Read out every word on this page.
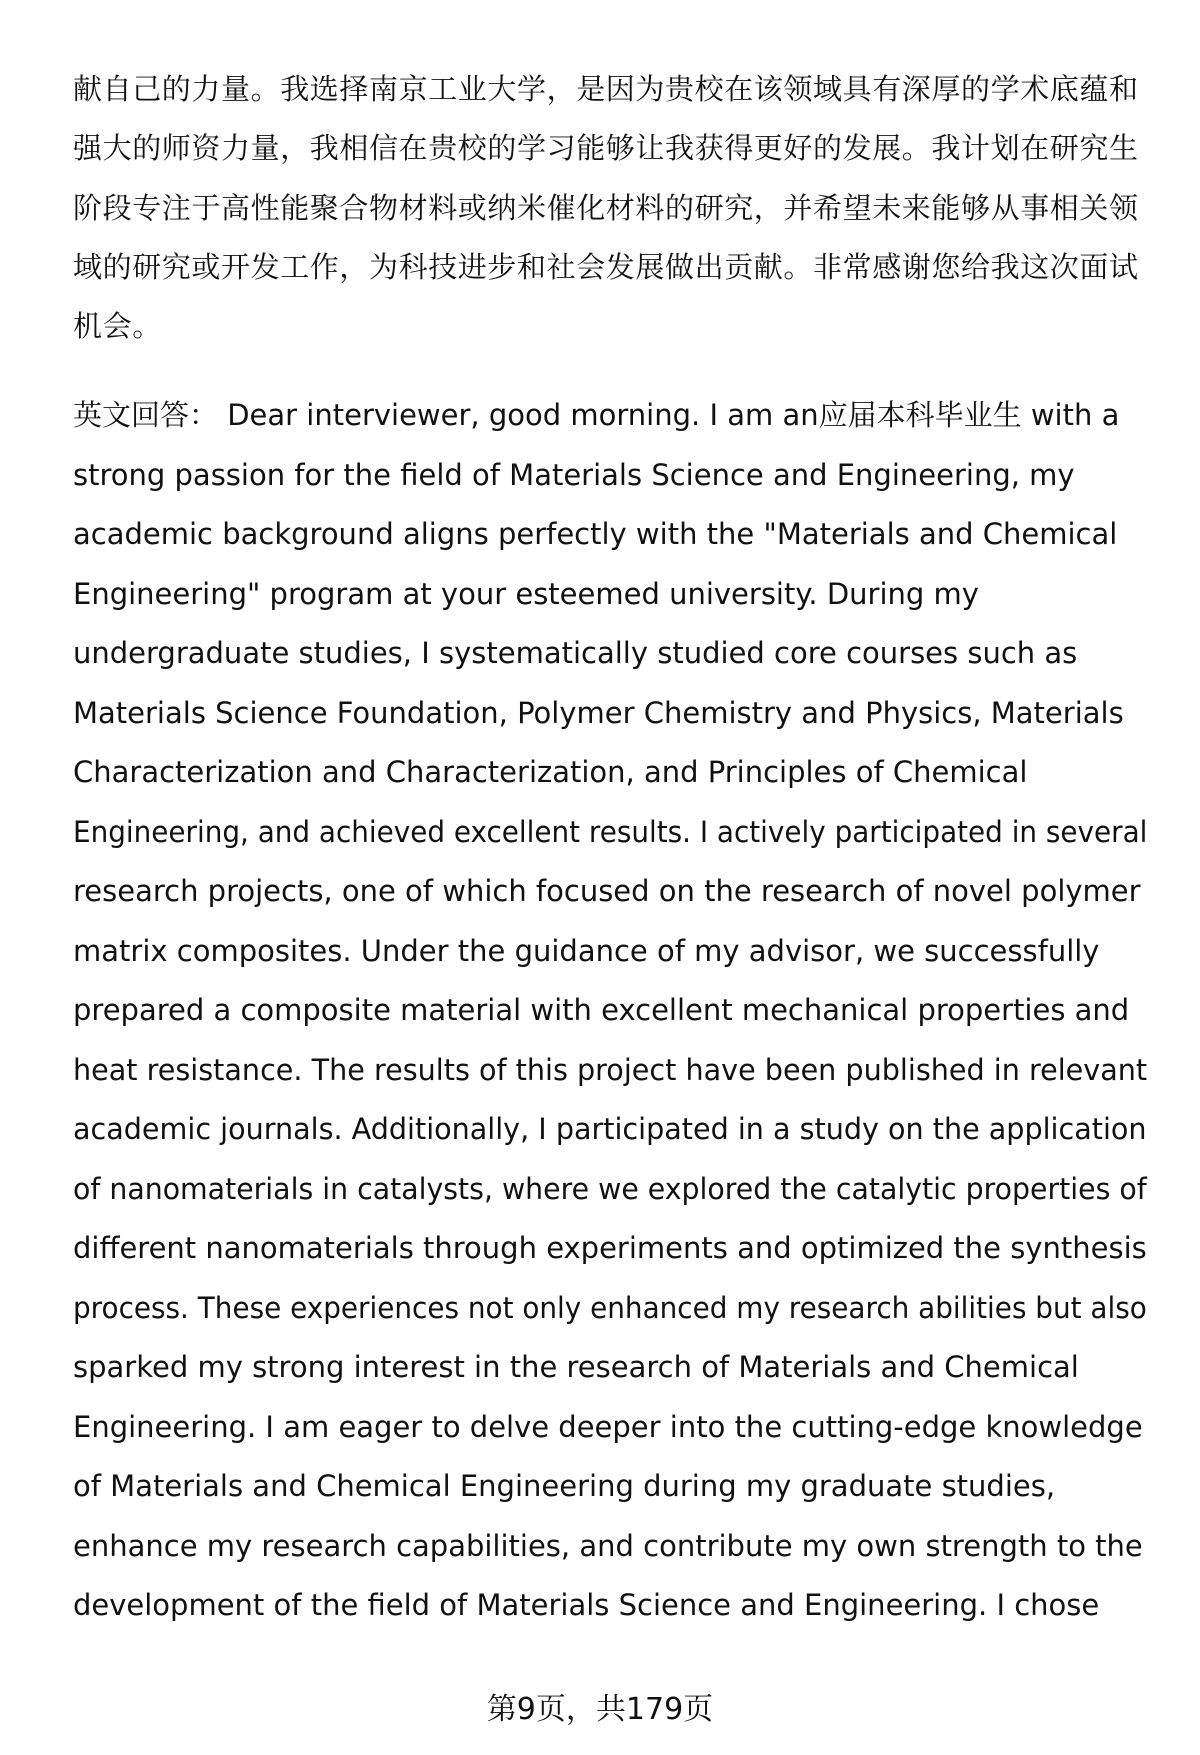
献自己的力量。我选择南京工业大学，是因为贵校在该领域具有深厚的学术底蕴和
强大的师资力量，我相信在贵校的学习能够让我获得更好的发展。我计划在研究生
阶段专注于高性能聚合物材料或纳米催化材料的研究，并希望未来能够从事相关领
域的研究或开发工作，为科技进步和社会发展做出贡献。非常感谢您给我这次面试
机会。
英文回答： Dear interviewer, good morning. I am an应届本科毕业生 with a
strong passion for the field of Materials Science and Engineering, my
academic background aligns perfectly with the "Materials and Chemical
Engineering" program at your esteemed university. During my
undergraduate studies, I systematically studied core courses such as
Materials Science Foundation, Polymer Chemistry and Physics, Materials
Characterization and Characterization, and Principles of Chemical
Engineering, and achieved excellent results. I actively participated in several
research projects, one of which focused on the research of novel polymer
matrix composites. Under the guidance of my advisor, we successfully
prepared a composite material with excellent mechanical properties and
heat resistance. The results of this project have been published in relevant
academic journals. Additionally, I participated in a study on the application
of nanomaterials in catalysts, where we explored the catalytic properties of
different nanomaterials through experiments and optimized the synthesis
process. These experiences not only enhanced my research abilities but also
sparked my strong interest in the research of Materials and Chemical
Engineering. I am eager to delve deeper into the cutting-edge knowledge
of Materials and Chemical Engineering during my graduate studies,
enhance my research capabilities, and contribute my own strength to the
development of the field of Materials Science and Engineering. I chose
第9页，共179页
